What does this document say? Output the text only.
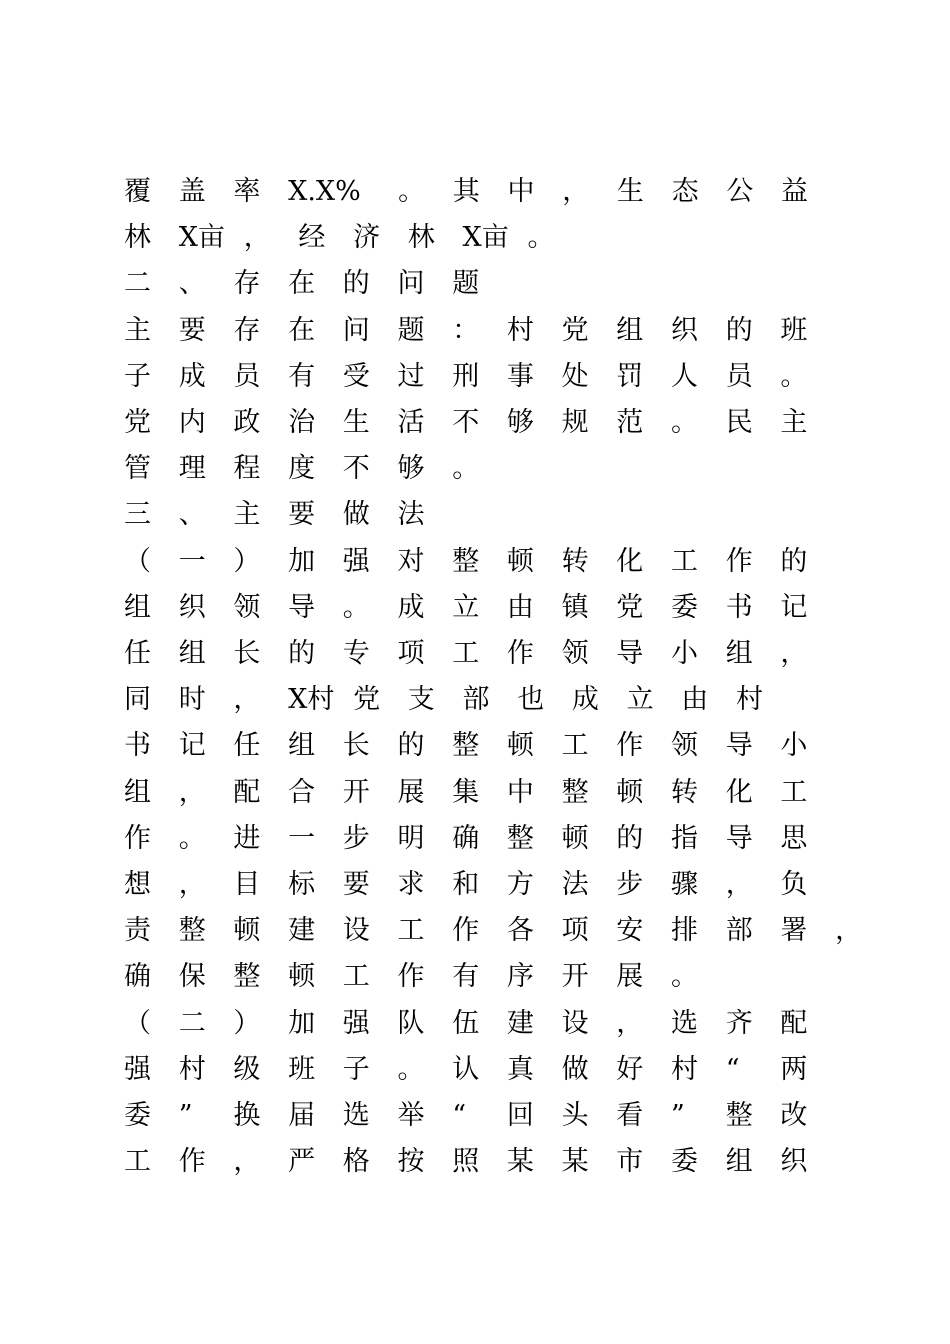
覆 盖 率 X.X% 。 其 中 ， 生 态 公 益
林 X亩 ， 经 济 林 X亩 。
二 、 存 在 的 问 题
主 要 存 在 问 题 ： 村 党 组 织 的 班
子 成 员 有 受 过 刑 事 处 罚 人 员 。
党 内 政 治 生 活 不 够 规 范 。 民 主
管 理 程 度 不 够 。
三 、 主 要 做 法
（ 一 ） 加 强 对 整 顿 转 化 工 作 的
组 织 领 导 。 成 立 由 镇 党 委 书 记
任 组 长 的 专 项 工 作 领 导 小 组 ，
同 时 ， X村 党 支 部 也 成 立 由 村
书 记 任 组 长 的 整 顿 工 作 领 导 小
组 ， 配 合 开 展 集 中 整 顿 转 化 工
作 。 进 一 步 明 确 整 顿 的 指 导 思
想 ， 目 标 要 求 和 方 法 步 骤 ， 负
责 整 顿 建 设 工 作 各 项 安 排 部 署 ，
确 保 整 顿 工 作 有 序 开 展 。
（ 二 ） 加 强 队 伍 建 设 ， 选 齐 配
强 村 级 班 子 。 认 真 做 好 村 “ 两
委 ” 换 届 选 举 “ 回 头 看 ” 整 改
工 作 ， 严 格 按 照 某 某 市 委 组 织
